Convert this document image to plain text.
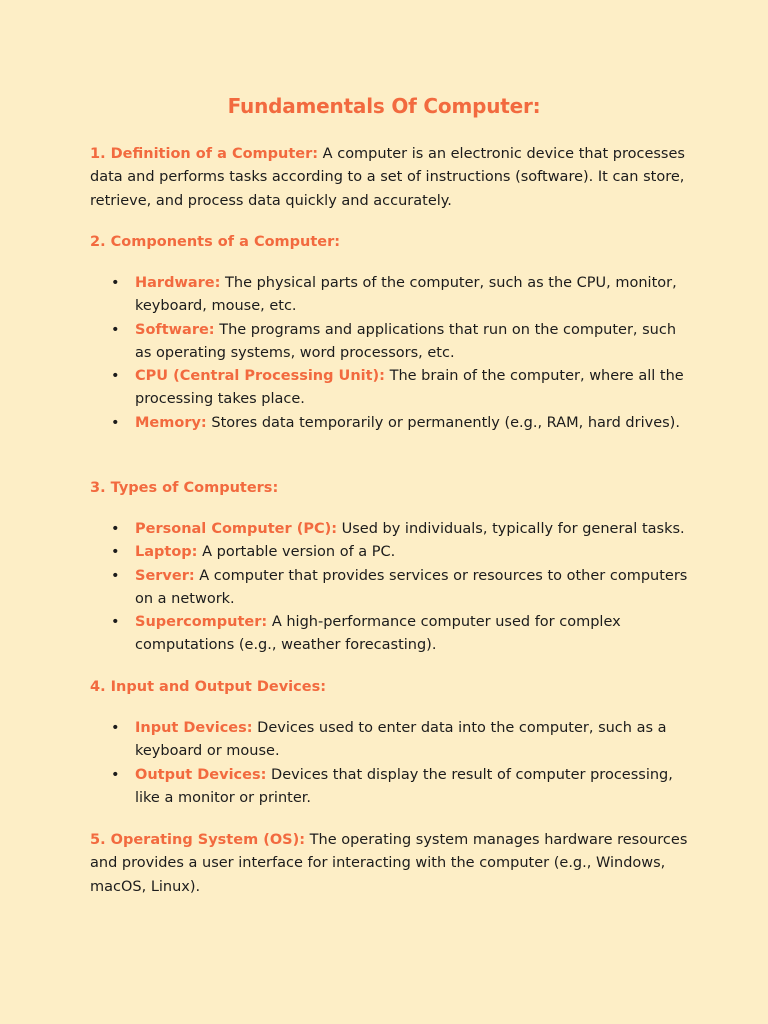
Fundamentals Of Computer:

1. Definition of a Computer: A computer is an electronic device that processes data and performs tasks according to a set of instructions (software). It can store, retrieve, and process data quickly and accurately.

2. Components of a Computer:
• Hardware: The physical parts of the computer, such as the CPU, monitor, keyboard, mouse, etc.
• Software: The programs and applications that run on the computer, such as operating systems, word processors, etc.
• CPU (Central Processing Unit): The brain of the computer, where all the processing takes place.
• Memory: Stores data temporarily or permanently (e.g., RAM, hard drives).
3. Types of Computers:
• Personal Computer (PC): Used by individuals, typically for general tasks.
• Laptop: A portable version of a PC.
• Server: A computer that provides services or resources to other computers on a network.
• Supercomputer: A high-performance computer used for complex computations (e.g., weather forecasting).
4. Input and Output Devices:
• Input Devices: Devices used to enter data into the computer, such as a keyboard or mouse.
• Output Devices: Devices that display the result of computer processing, like a monitor or printer.

5. Operating System (OS): The operating system manages hardware resources and provides a user interface for interacting with the computer (e.g., Windows, macOS, Linux).
